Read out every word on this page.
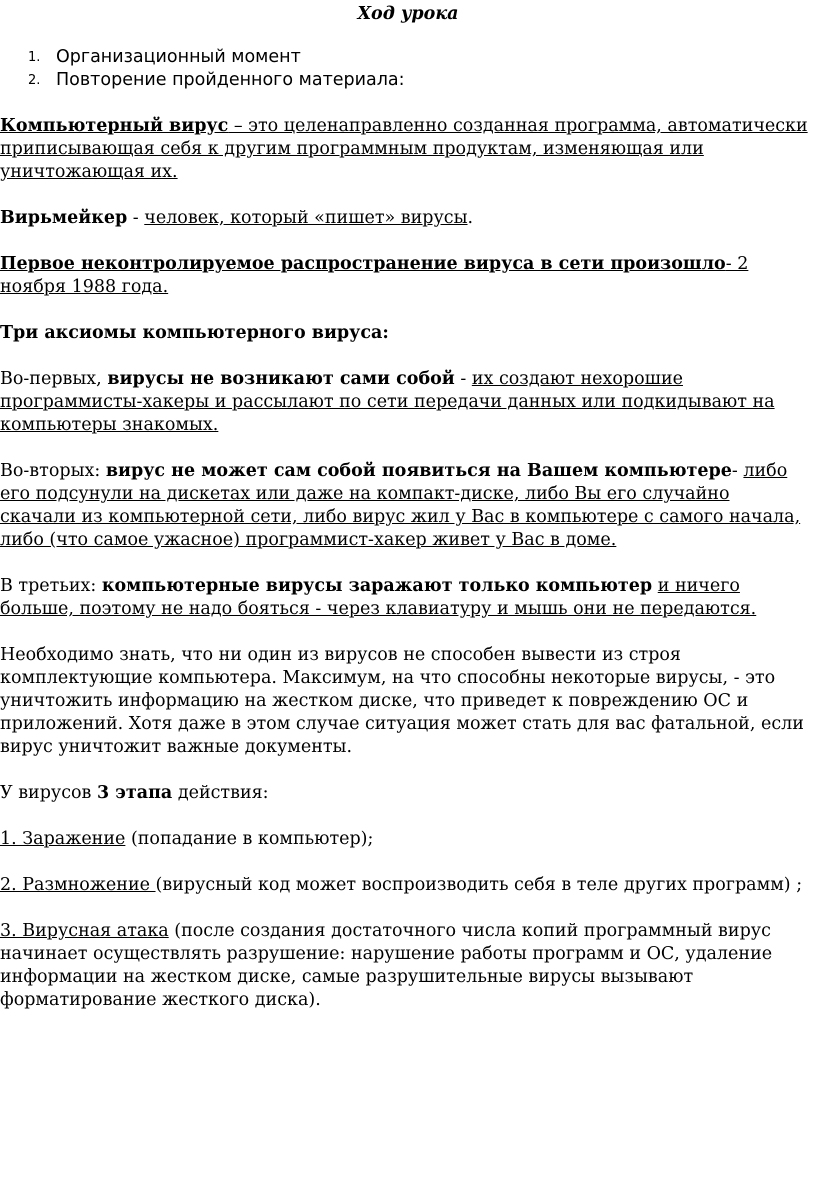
Ход урока
1. Организационный момент
2. Повторение пройденного материала:

Компьютерный вирус – это целенаправленно созданная программа, автоматически приписывающая себя к другим программным продуктам, изменяющая или уничтожающая их.

Вирьмейкер - человек, который «пишет» вирусы.

Первое неконтролируемое распространение вируса в сети произошло- 2 ноября 1988 года.

Три аксиомы компьютерного вируса:

Во-первых, вирусы не возникают сами собой - их создают нехорошие программисты-хакеры и рассылают по сети передачи данных или подкидывают на компьютеры знакомых.

Во-вторых: вирус не может сам собой появиться на Вашем компьютере- либо его подсунули на дискетах или даже на компакт-диске, либо Вы его случайно скачали из компьютерной сети, либо вирус жил у Вас в компьютере с самого начала, либо (что самое ужасное) программист-хакер живет у Вас в доме.

В третьих: компьютерные вирусы заражают только компьютер и ничего больше, поэтому не надо бояться - через клавиатуру и мышь они не передаются.

Необходимо знать, что ни один из вирусов не способен вывести из строя комплектующие компьютера. Максимум, на что способны некоторые вирусы, - это уничтожить информацию на жестком диске, что приведет к повреждению ОС и приложений. Хотя даже в этом случае ситуация может стать для вас фатальной, если вирус уничтожит важные документы.

У вирусов 3 этапа действия:

1. Заражение (попадание в компьютер);

2. Размножение (вирусный код может воспроизводить себя в теле других программ) ;

3. Вирусная атака (после создания достаточного числа копий программный вирус начинает осуществлять разрушение: нарушение работы программ и ОС, удаление информации на жестком диске, самые разрушительные вирусы вызывают форматирование жесткого диска).
